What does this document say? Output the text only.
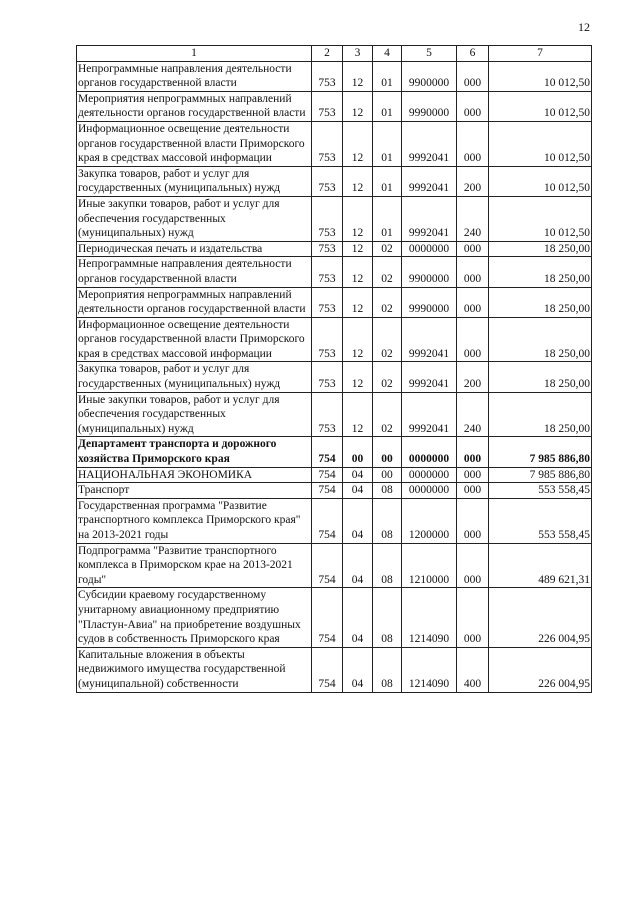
12
1	2	3	4	5	6	7
Непрограммные направления деятельности органов государственной власти	753	12	01	9900000	000	10 012,50
Мероприятия непрограммных направлений деятельности органов государственной власти	753	12	01	9990000	000	10 012,50
Информационное освещение деятельности органов государственной власти Приморского края в средствах массовой информации	753	12	01	9992041	000	10 012,50
Закупка товаров, работ и услуг для государственных (муниципальных) нужд	753	12	01	9992041	200	10 012,50
Иные закупки товаров, работ и услуг для обеспечения государственных (муниципальных) нужд	753	12	01	9992041	240	10 012,50
Периодическая печать и издательства	753	12	02	0000000	000	18 250,00
Непрограммные направления деятельности органов государственной власти	753	12	02	9900000	000	18 250,00
Мероприятия непрограммных направлений деятельности органов государственной власти	753	12	02	9990000	000	18 250,00
Информационное освещение деятельности органов государственной власти Приморского края в средствах массовой информации	753	12	02	9992041	000	18 250,00
Закупка товаров, работ и услуг для государственных (муниципальных) нужд	753	12	02	9992041	200	18 250,00
Иные закупки товаров, работ и услуг для обеспечения государственных (муниципальных) нужд	753	12	02	9992041	240	18 250,00
Департамент транспорта и дорожного хозяйства Приморского края	754	00	00	0000000	000	7 985 886,80
НАЦИОНАЛЬНАЯ ЭКОНОМИКА	754	04	00	0000000	000	7 985 886,80
Транспорт	754	04	08	0000000	000	553 558,45
Государственная программа "Развитие транспортного комплекса Приморского края" на 2013-2021 годы	754	04	08	1200000	000	553 558,45
Подпрограмма "Развитие транспортного комплекса в Приморском крае на 2013-2021 годы"	754	04	08	1210000	000	489 621,31
Субсидии краевому государственному унитарному авиационному предприятию "Пластун-Авиа" на приобретение воздушных судов в собственность Приморского края	754	04	08	1214090	000	226 004,95
Капитальные вложения в объекты недвижимого имущества государственной (муниципальной) собственности	754	04	08	1214090	400	226 004,95
